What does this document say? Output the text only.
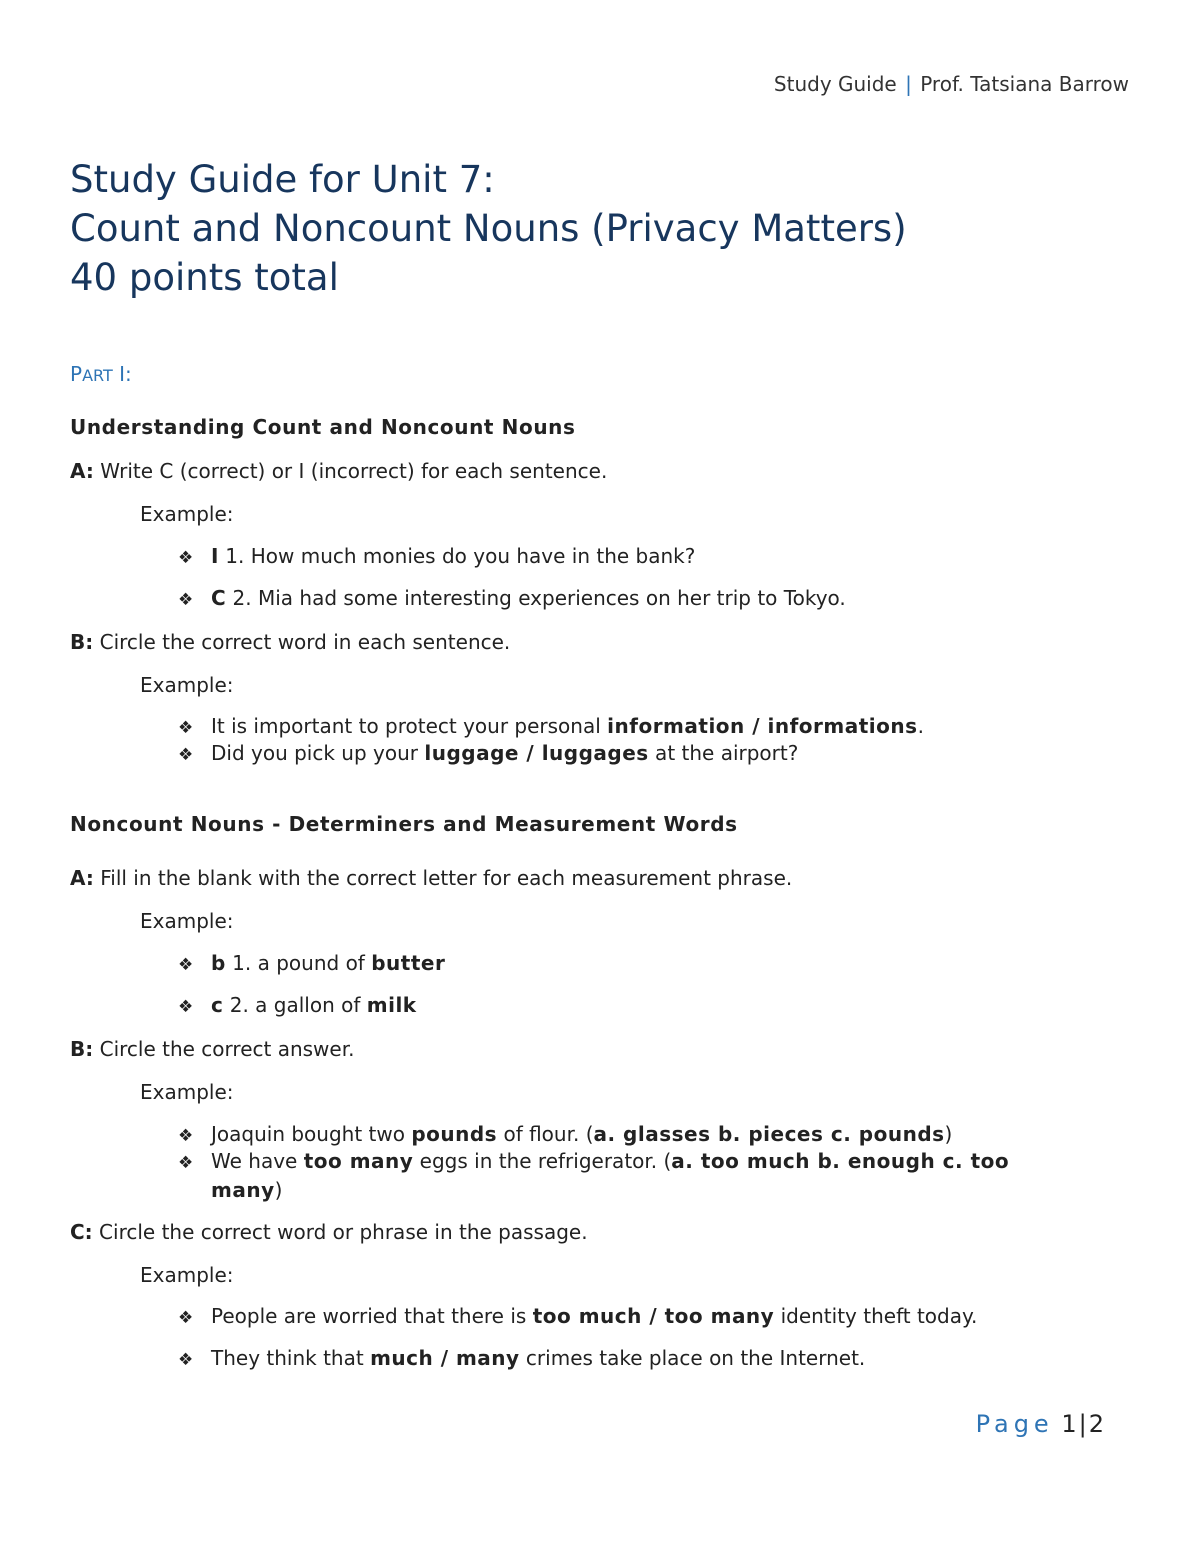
Study Guide | Prof. Tatsiana Barrow
Study Guide for Unit 7:
Count and Noncount Nouns (Privacy Matters)
40 points total
PART I:
Understanding Count and Noncount Nouns
A: Write C (correct) or I (incorrect) for each sentence.
Example:
❖ I 1. How much monies do you have in the bank?
❖ C 2. Mia had some interesting experiences on her trip to Tokyo.
B: Circle the correct word in each sentence.
Example:
❖ It is important to protect your personal information / informations.
❖ Did you pick up your luggage / luggages at the airport?
Noncount Nouns - Determiners and Measurement Words
A: Fill in the blank with the correct letter for each measurement phrase.
Example:
❖ b 1. a pound of butter
❖ c 2. a gallon of milk
B: Circle the correct answer.
Example:
❖ Joaquin bought two pounds of flour. (a. glasses b. pieces c. pounds)
❖ We have too many eggs in the refrigerator. (a. too much b. enough c. too
many)
C: Circle the correct word or phrase in the passage.
Example:
❖ People are worried that there is too much / too many identity theft today.
❖ They think that much / many crimes take place on the Internet.
Page 1|2
